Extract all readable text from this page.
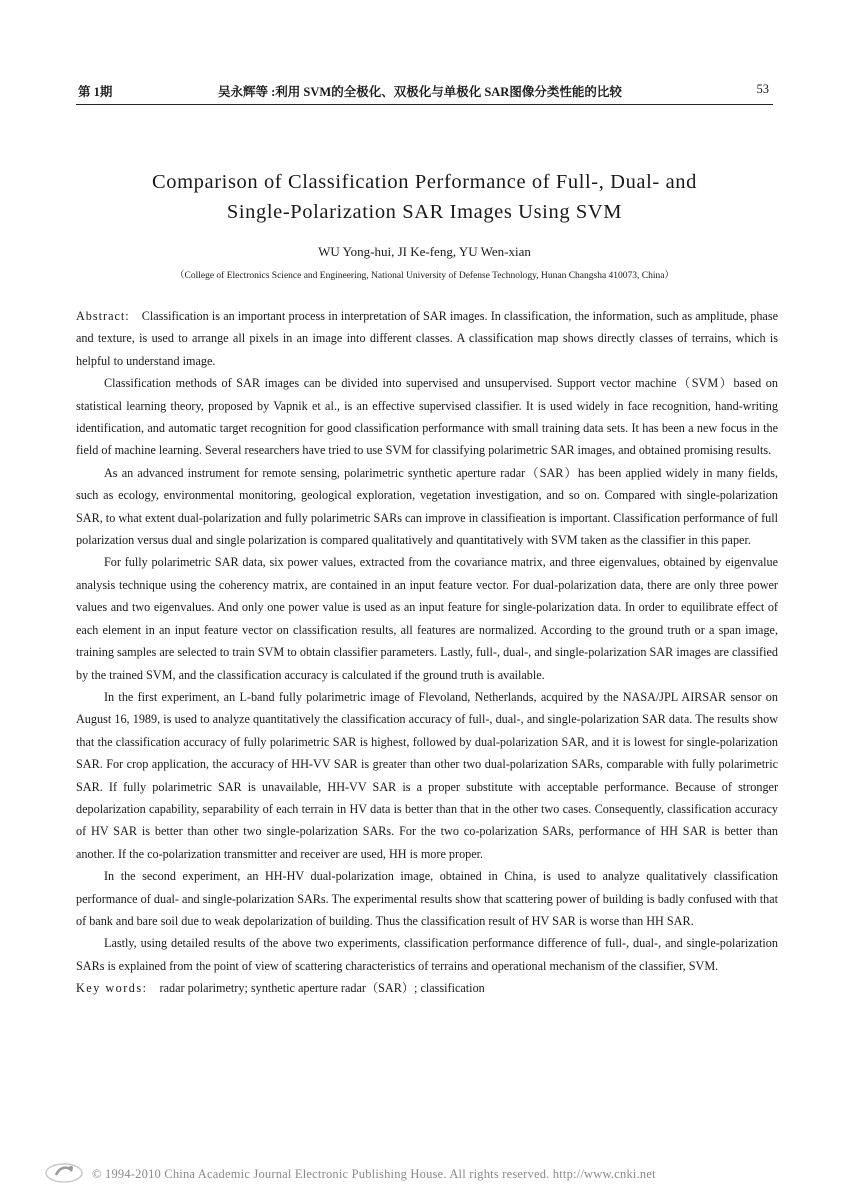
第 1期	吴永辉等 :利用 SVM的全极化、双极化与单极化 SAR图像分类性能的比较	53
Comparison of Classification Performance of Full-, Dual- and
Single-Polarization SAR Images Using SVM
WU Yong-hui, JI Ke-feng, YU Wen-xian
（College of Electronics Science and Engineering, National University of Defense Technology, Hunan Changsha 410073, China）

Abstract: Classification is an important process in interpretation of SAR images. In classification, the information, such as amplitude, phase and texture, is used to arrange all pixels in an image into different classes. A classification map shows directly classes of terrains, which is helpful to understand image.

Classification methods of SAR images can be divided into supervised and unsupervised. Support vector machine（SVM）based on statistical learning theory, proposed by Vapnik et al., is an effective supervised classifier. It is used widely in face recognition, hand-writing identification, and automatic target recognition for good classification performance with small training data sets. It has been a new focus in the field of machine learning. Several researchers have tried to use SVM for classifying polarimetric SAR images, and obtained promising results.

As an advanced instrument for remote sensing, polarimetric synthetic aperture radar（SAR）has been applied widely in many fields, such as ecology, environmental monitoring, geological exploration, vegetation investigation, and so on. Compared with single-polarization SAR, to what extent dual-polarization and fully polarimetric SARs can improve in classifieation is important. Classification performance of full polarization versus dual and single polarization is compared qualitatively and quantitatively with SVM taken as the classifier in this paper.

For fully polarimetric SAR data, six power values, extracted from the covariance matrix, and three eigenvalues, obtained by eigenvalue analysis technique using the coherency matrix, are contained in an input feature vector. For dual-polarization data, there are only three power values and two eigenvalues. And only one power value is used as an input feature for single-polarization data. In order to equilibrate effect of each element in an input feature vector on classification results, all features are normalized. According to the ground truth or a span image, training samples are selected to train SVM to obtain classifier parameters. Lastly, full-, dual-, and single-polarization SAR images are classified by the trained SVM, and the classification accuracy is calculated if the ground truth is available.

In the first experiment, an L-band fully polarimetric image of Flevoland, Netherlands, acquired by the NASA/JPL AIRSAR sensor on August 16, 1989, is used to analyze quantitatively the classification accuracy of full-, dual-, and single-polarization SAR data. The results show that the classification accuracy of fully polarimetric SAR is highest, followed by dual-polarization SAR, and it is lowest for single-polarization SAR. For crop application, the accuracy of HH-VV SAR is greater than other two dual-polarization SARs, comparable with fully polarimetric SAR. If fully polarimetric SAR is unavailable, HH-VV SAR is a proper substitute with acceptable performance. Because of stronger depolarization capability, separability of each terrain in HV data is better than that in the other two cases. Consequently, classification accuracy of HV SAR is better than other two single-polarization SARs. For the two co-polarization SARs, performance of HH SAR is better than another. If the co-polarization transmitter and receiver are used, HH is more proper.

In the second experiment, an HH-HV dual-polarization image, obtained in China, is used to analyze qualitatively classification performance of dual- and single-polarization SARs. The experimental results show that scattering power of building is badly confused with that of bank and bare soil due to weak depolarization of building. Thus the classification result of HV SAR is worse than HH SAR.

Lastly, using detailed results of the above two experiments, classification performance difference of full-, dual-, and single-polarization SARs is explained from the point of view of scattering characteristics of terrains and operational mechanism of the classifier, SVM.

Key words: radar polarimetry; synthetic aperture radar（SAR）; classification

© 1994-2010 China Academic Journal Electronic Publishing House. All rights reserved. http://www.cnki.net
